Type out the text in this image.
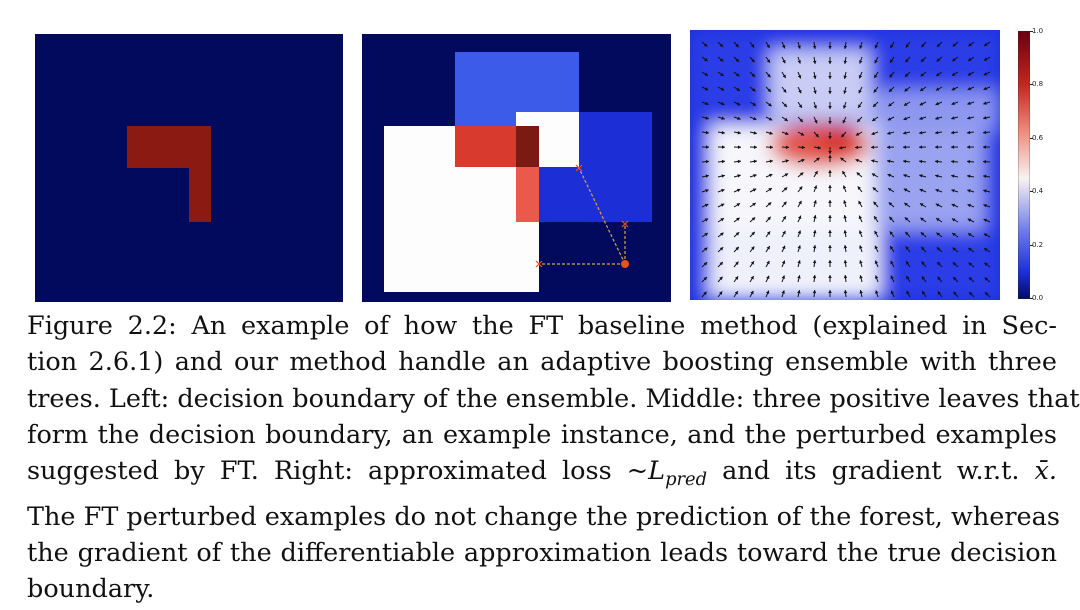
1.0
0.8
0.6
0.4
0.2
0.0
Figure 2.2: An example of how the FT baseline method (explained in Sec-
tion 2.6.1) and our method handle an adaptive boosting ensemble with three
trees. Left: decision boundary of the ensemble. Middle: three positive leaves that
form the decision boundary, an example instance, and the perturbed examples
suggested by FT. Right: approximated loss $\sim L_{pred}$ and its gradient w.r.t. x̄.
The FT perturbed examples do not change the prediction of the forest, whereas
the gradient of the differentiable approximation leads toward the true decision
boundary.
